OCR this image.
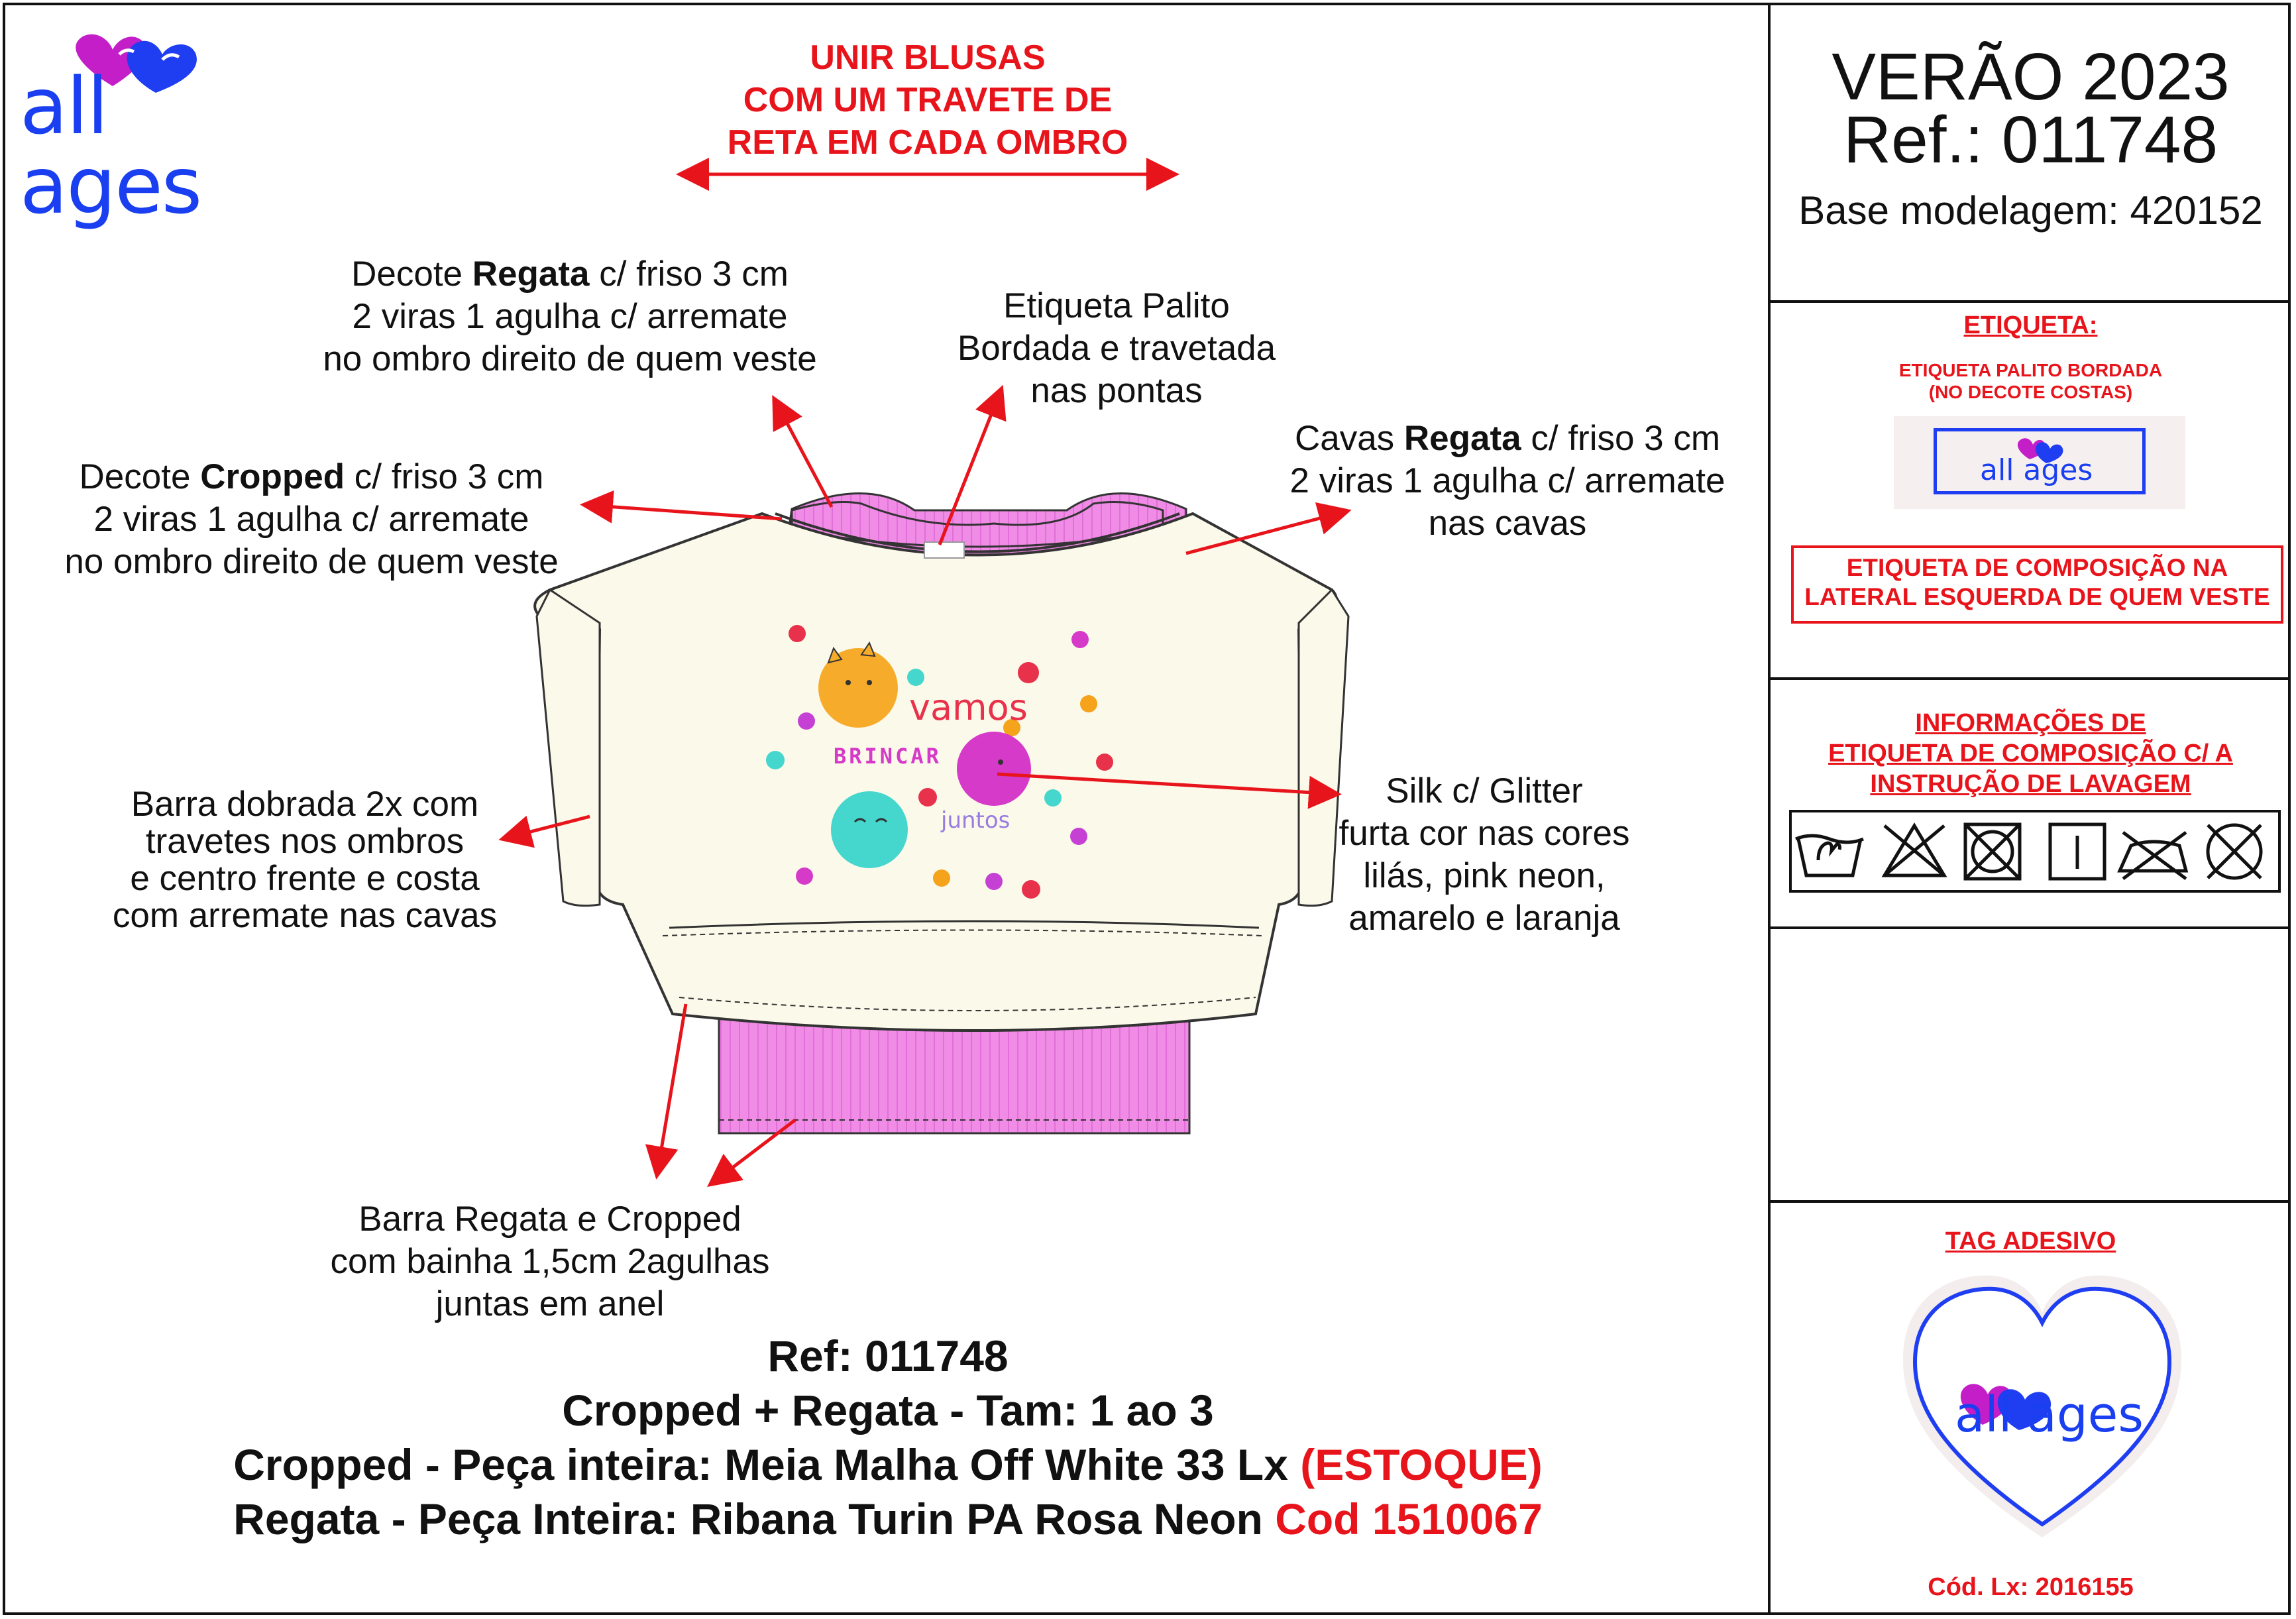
allages
UNIR BLUSAS
COM UM TRAVETE DE
RETA EM CADA OMBRO
Decote Regata c/ friso 3 cm
2 viras 1 agulha c/ arremate
no ombro direito de quem veste
Etiqueta Palito
Bordada e travetada
nas pontas
Cavas Regata c/ friso 3 cm
2 viras 1 agulha c/ arremate
nas cavas
Decote Cropped c/ friso 3 cm
2 viras 1 agulha c/ arremate
no ombro direito de quem veste
Barra dobrada 2x com
travetes nos ombros
e centro frente e costa
com arremate nas cavas
Silk c/ Glitter
furta cor nas cores
lilás, pink neon,
amarelo e laranja
Barra Regata e Cropped
com bainha 1,5cm 2agulhas
juntas em anel
vamos
BRINCAR
juntos
Ref: 011748
Cropped + Regata - Tam: 1 ao 3
Cropped - Peça inteira: Meia Malha Off White 33 Lx (ESTOQUE)
Regata - Peça Inteira: Ribana Turin PA Rosa Neon Cod 1510067
VERÃO 2023
Ref.: 011748
Base modelagem: 420152
ETIQUETA:
ETIQUETA PALITO BORDADA
(NO DECOTE COSTAS)
all ages
ETIQUETA DE COMPOSIÇÃO NA
LATERAL ESQUERDA DE QUEM VESTE
INFORMAÇÕES DE
ETIQUETA DE COMPOSIÇÃO C/ A
INSTRUÇÃO DE LAVAGEM
TAG ADESIVO
all ages
Cód. Lx: 2016155
